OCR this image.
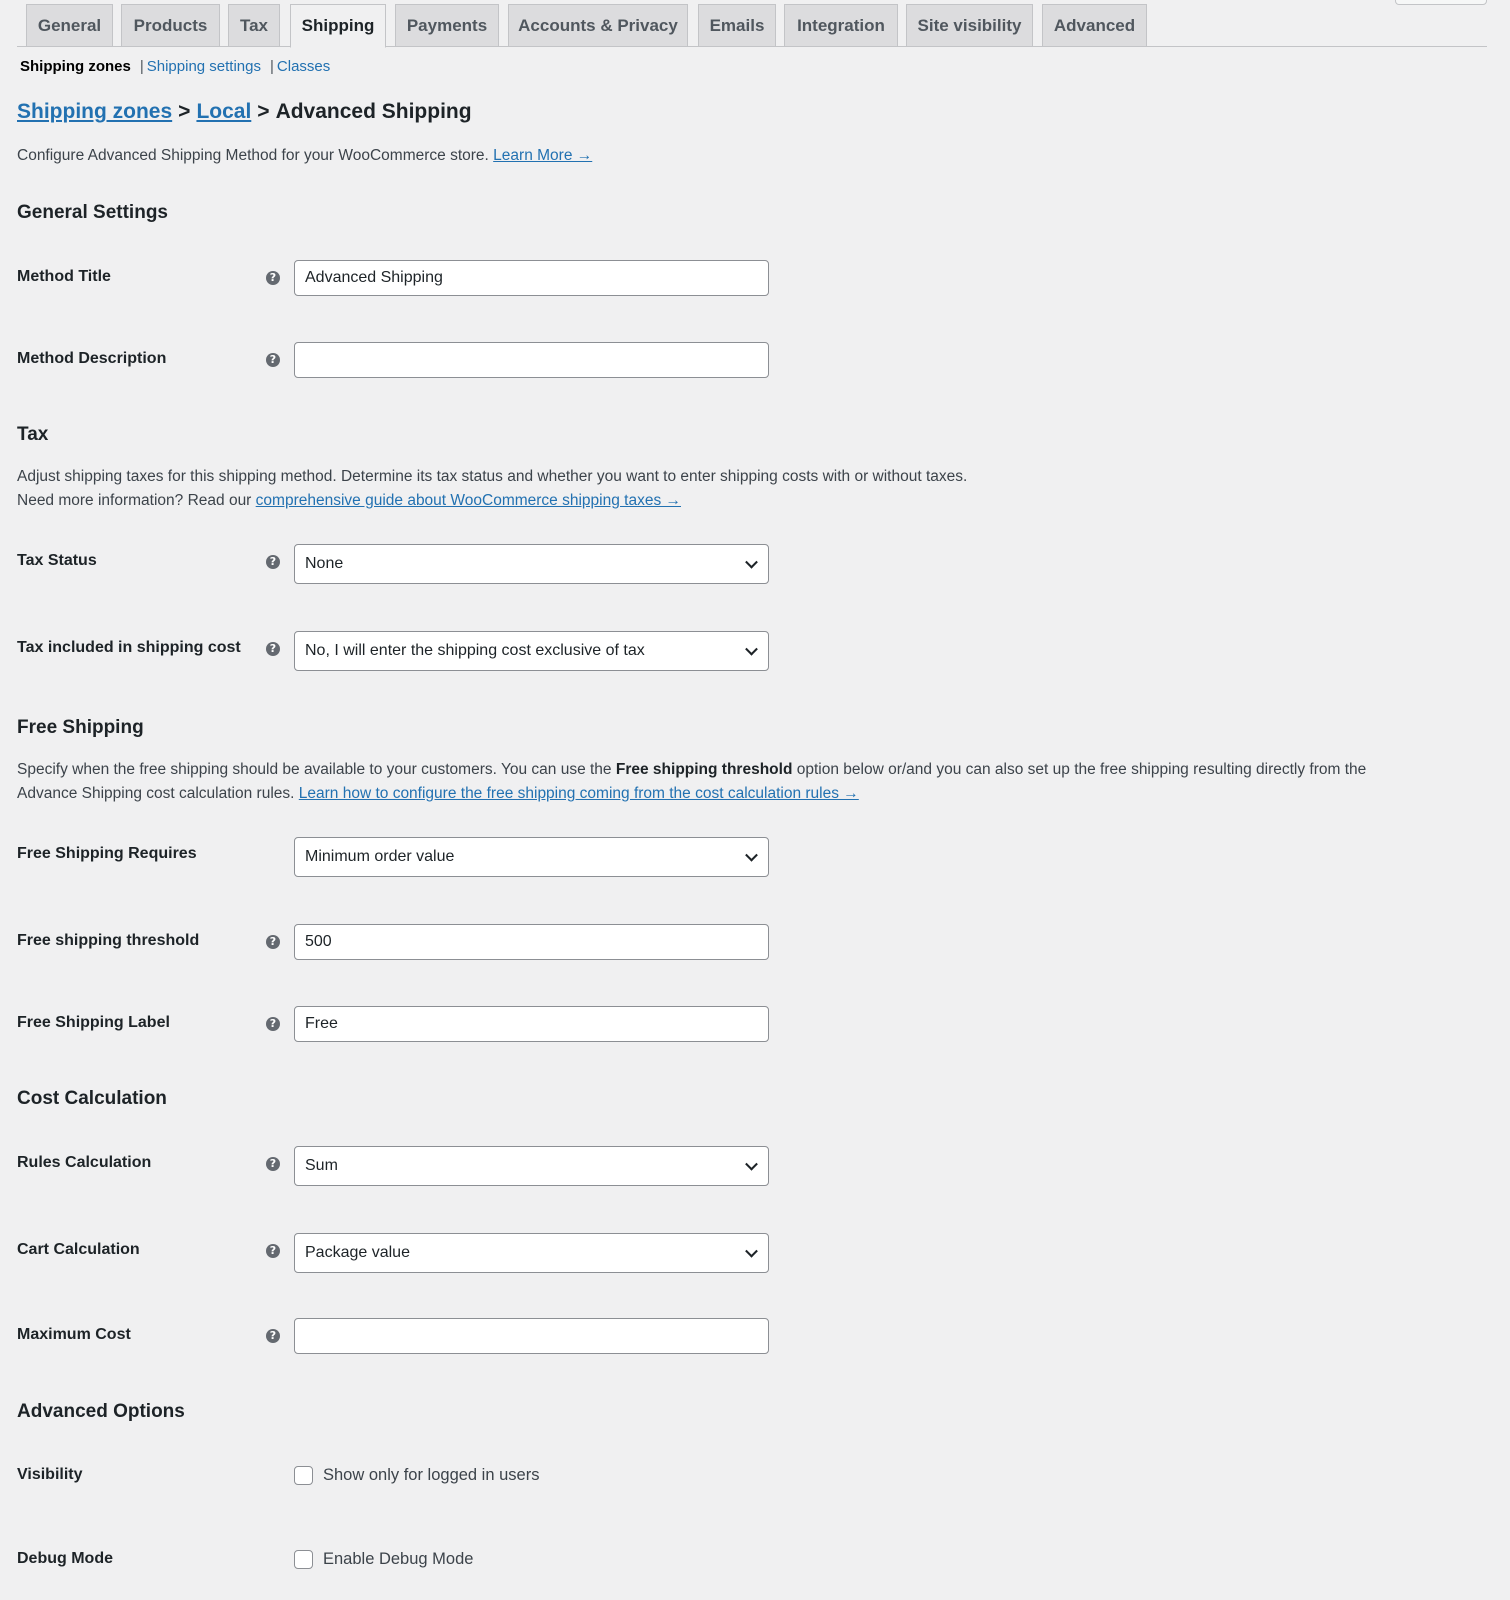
General	Products	Tax	Shipping	Payments	Accounts & Privacy	Emails	Integration	Site visibility	Advanced
Shipping zones | Shipping settings | Classes
Shipping zones > Local > Advanced Shipping
Configure Advanced Shipping Method for your WooCommerce store. Learn More →
General Settings
Method Title	?	Advanced Shipping
Method Description	?
Tax
Adjust shipping taxes for this shipping method. Determine its tax status and whether you want to enter shipping costs with or without taxes.
Need more information? Read our comprehensive guide about WooCommerce shipping taxes →
Tax Status	? None
Tax included in shipping cost	? No, I will enter the shipping cost exclusive of tax
Free Shipping
Specify when the free shipping should be available to your customers. You can use the Free shipping threshold option below or/and you can also set up the free shipping resulting directly from the
Advance Shipping cost calculation rules. Learn how to configure the free shipping coming from the cost calculation rules →
Free Shipping Requires	Minimum order value
Free shipping threshold	?	500
Free Shipping Label	?	Free
Cost Calculation
Rules Calculation	? Sum
Cart Calculation	? Package value
Maximum Cost	?
Advanced Options
Visibility	Show only for logged in users
Debug Mode	Enable Debug Mode
